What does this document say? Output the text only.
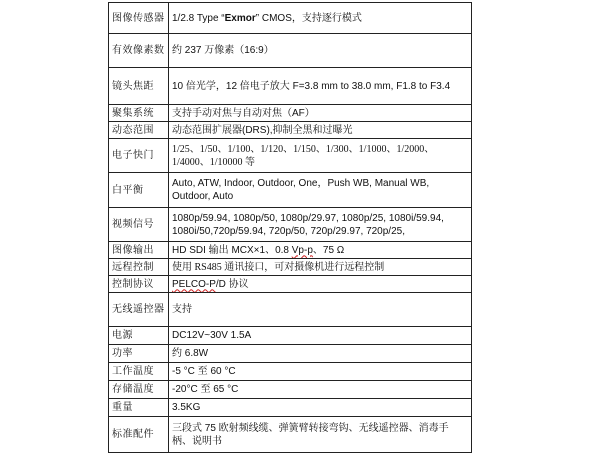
图像传感器	1/2.8 Type “Exmor” CMOS，支持逐行模式
有效像素数	约 237 万像素（16:9）
镜头焦距	10 倍光学，12 倍电子放大 F=3.8 mm to 38.0 mm, F1.8 to F3.4
聚集系统	支持手动对焦与自动对焦（AF）
动态范围	动态范围扩展器(DRS),抑制全黑和过曝光
电子快门	1/25、1/50、1/100、1/120、1/150、1/300、1/1000、1/2000、1/4000、1/10000 等
白平衡	Auto, ATW, Indoor, Outdoor, One，Push WB, Manual WB, Outdoor, Auto
视频信号	1080p/59.94, 1080p/50, 1080p/29.97, 1080p/25, 1080i/59.94, 1080i/50,720p/59.94, 720p/50, 720p/29.97, 720p/25,
图像输出	HD SDI 输出 MCX×1、0.8 Vp-p、75 Ω
远程控制	使用 RS485 通讯接口，可对摄像机进行远程控制
控制协议	PELCO-P/D 协议
无线遥控器	支持
电源	DC12V~30V 1.5A
功率	约 6.8W
工作温度	-5 °C 至 60 °C
存储温度	-20°C 至 65 °C
重量	3.5KG
标准配件	三段式 75 欧射频线缆、弹簧臂转接弯钩、无线遥控器、消毒手柄、说明书
